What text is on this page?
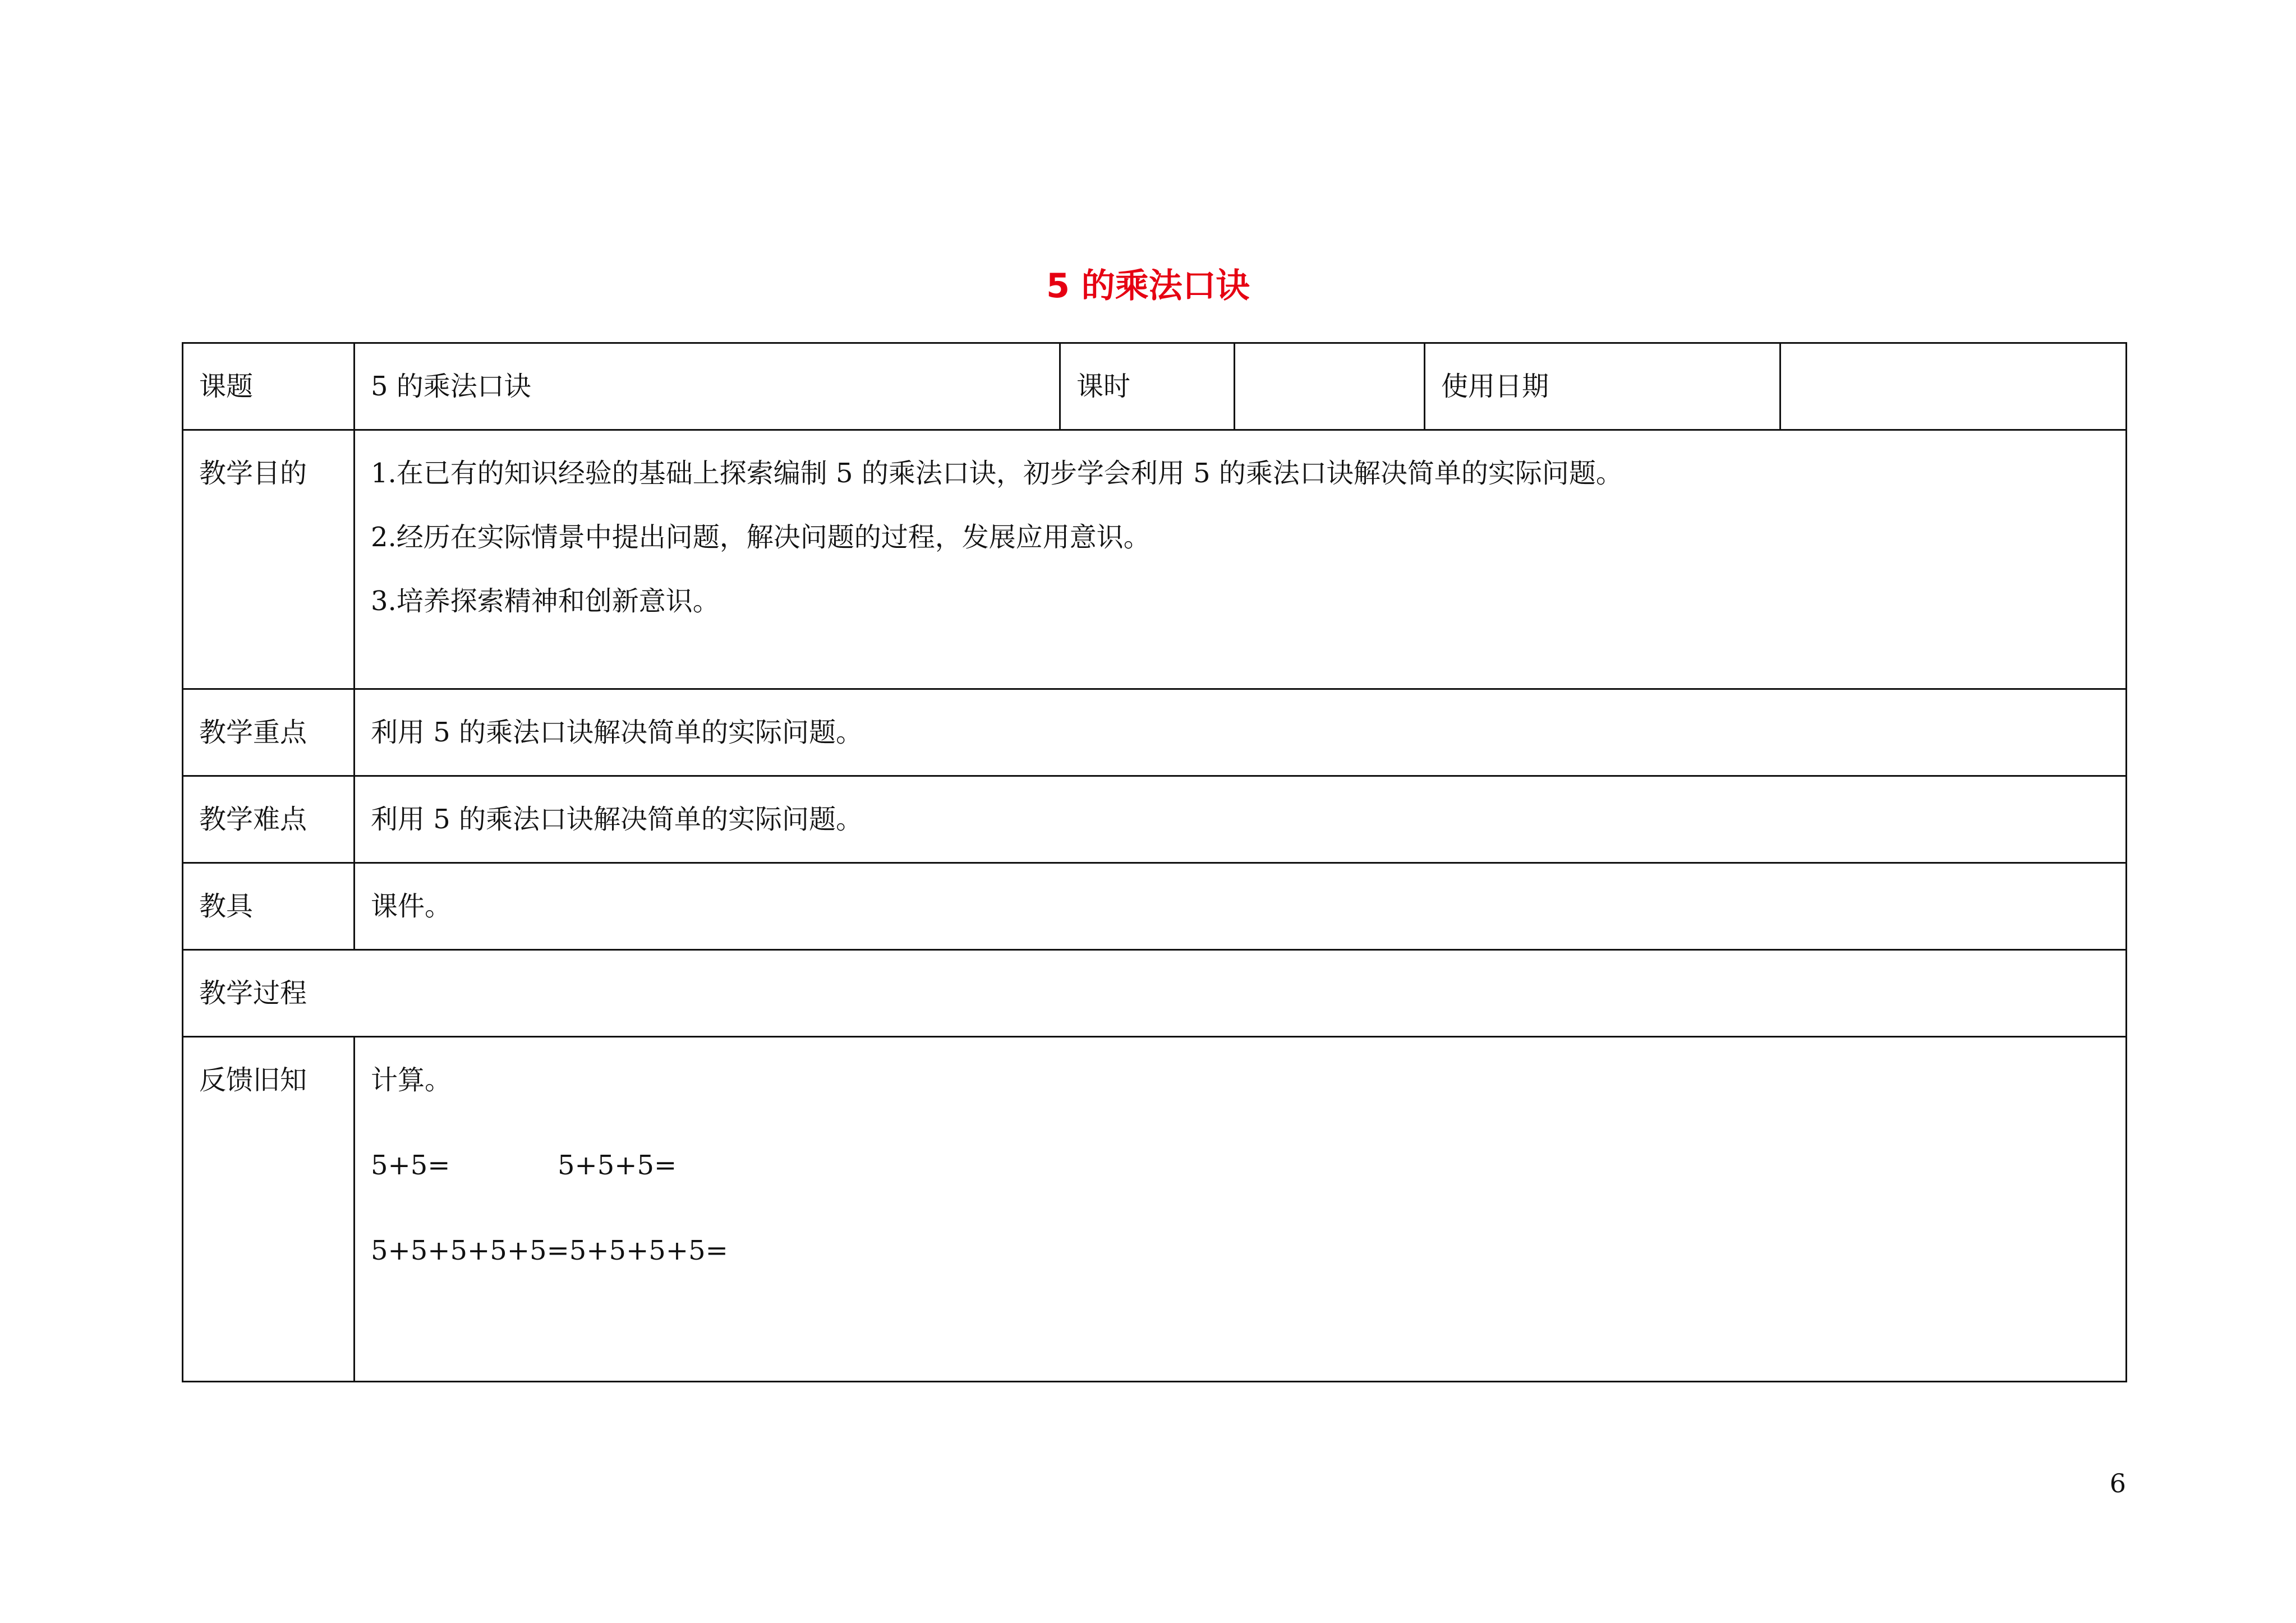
5 的乘法口诀
课题	5 的乘法口诀	课时		使用日期	

教学目的	1.在已有的知识经验的基础上探索编制 5 的乘法口诀，初步学会利用 5 的乘法口诀解决简单的实际问题。
2.经历在实际情景中提出问题，解决问题的过程，发展应用意识。
3.培养探索精神和创新意识。				

教学重点	利用 5 的乘法口诀解决简单的实际问题。				

教学难点	利用 5 的乘法口诀解决简单的实际问题。				

教具	课件。				

教学过程					

反馈旧知	计算。
5+5= 5+5+5=
5+5+5+5+5=5+5+5+5=				
6
